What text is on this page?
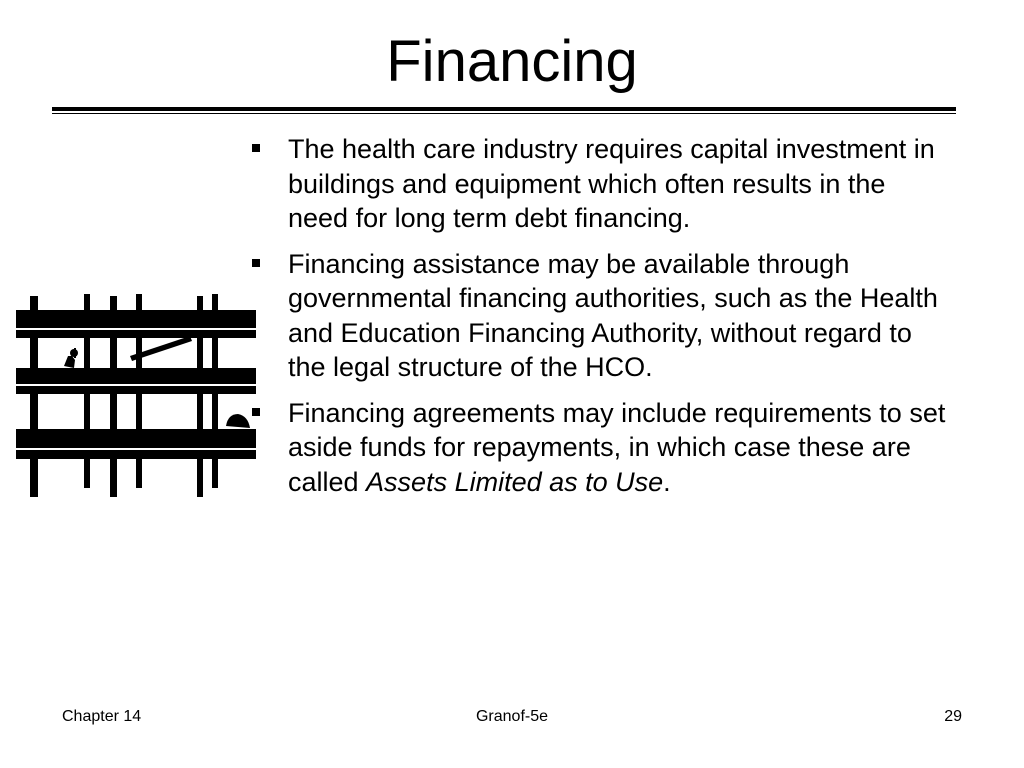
Financing
The health care industry requires capital investment in buildings and equipment which often results in the need for long term debt financing.
Financing assistance may be available through governmental financing authorities, such as the Health and Education Financing Authority, without regard to the legal structure of the HCO.
Financing agreements may include requirements to set aside funds for repayments, in which case these are called Assets Limited as to Use.
Chapter 14	Granof-5e	29
